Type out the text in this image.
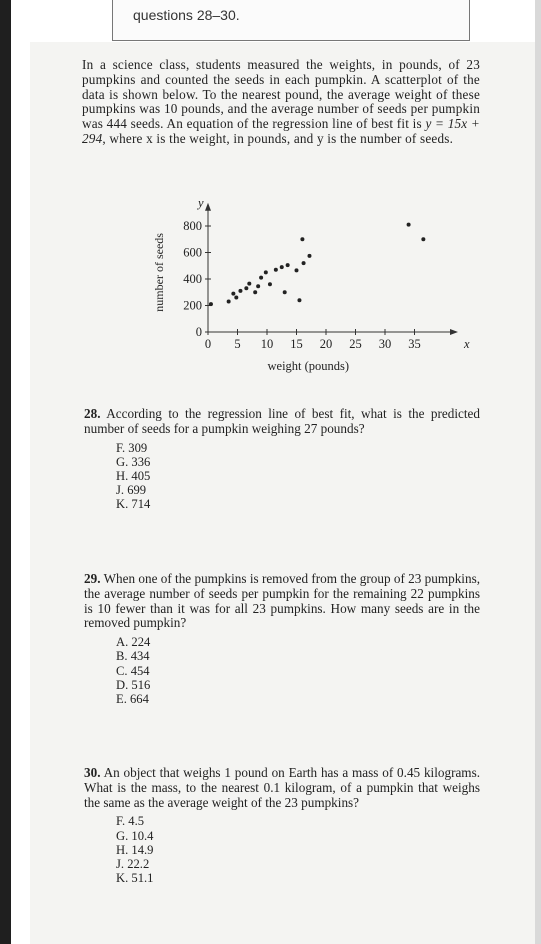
questions 28–30.
In a science class, students measured the weights, in pounds, of 23 pumpkins and counted the seeds in each pumpkin. A scatterplot of the data is shown below. To the nearest pound, the average weight of these pumpkins was 10 pounds, and the average number of seeds per pumpkin was 444 seeds. An equation of the regression line of best fit is y = 15x + 294, where x is the weight, in pounds, and y is the number of seeds.
0 5 10 15 20 25 30 35
0
200
400
600
800
x
y
weight (pounds)
number of seeds
28. According to the regression line of best fit, what is the predicted number of seeds for a pumpkin weighing 27 pounds?
F. 309
G. 336
H. 405
J. 699
K. 714
29. When one of the pumpkins is removed from the group of 23 pumpkins, the average number of seeds per pumpkin for the remaining 22 pumpkins is 10 fewer than it was for all 23 pumpkins. How many seeds are in the removed pumpkin?
A. 224
B. 434
C. 454
D. 516
E. 664
30. An object that weighs 1 pound on Earth has a mass of 0.45 kilograms. What is the mass, to the nearest 0.1 kilogram, of a pumpkin that weighs the same as the average weight of the 23 pumpkins?
F. 4.5
G. 10.4
H. 14.9
J. 22.2
K. 51.1
